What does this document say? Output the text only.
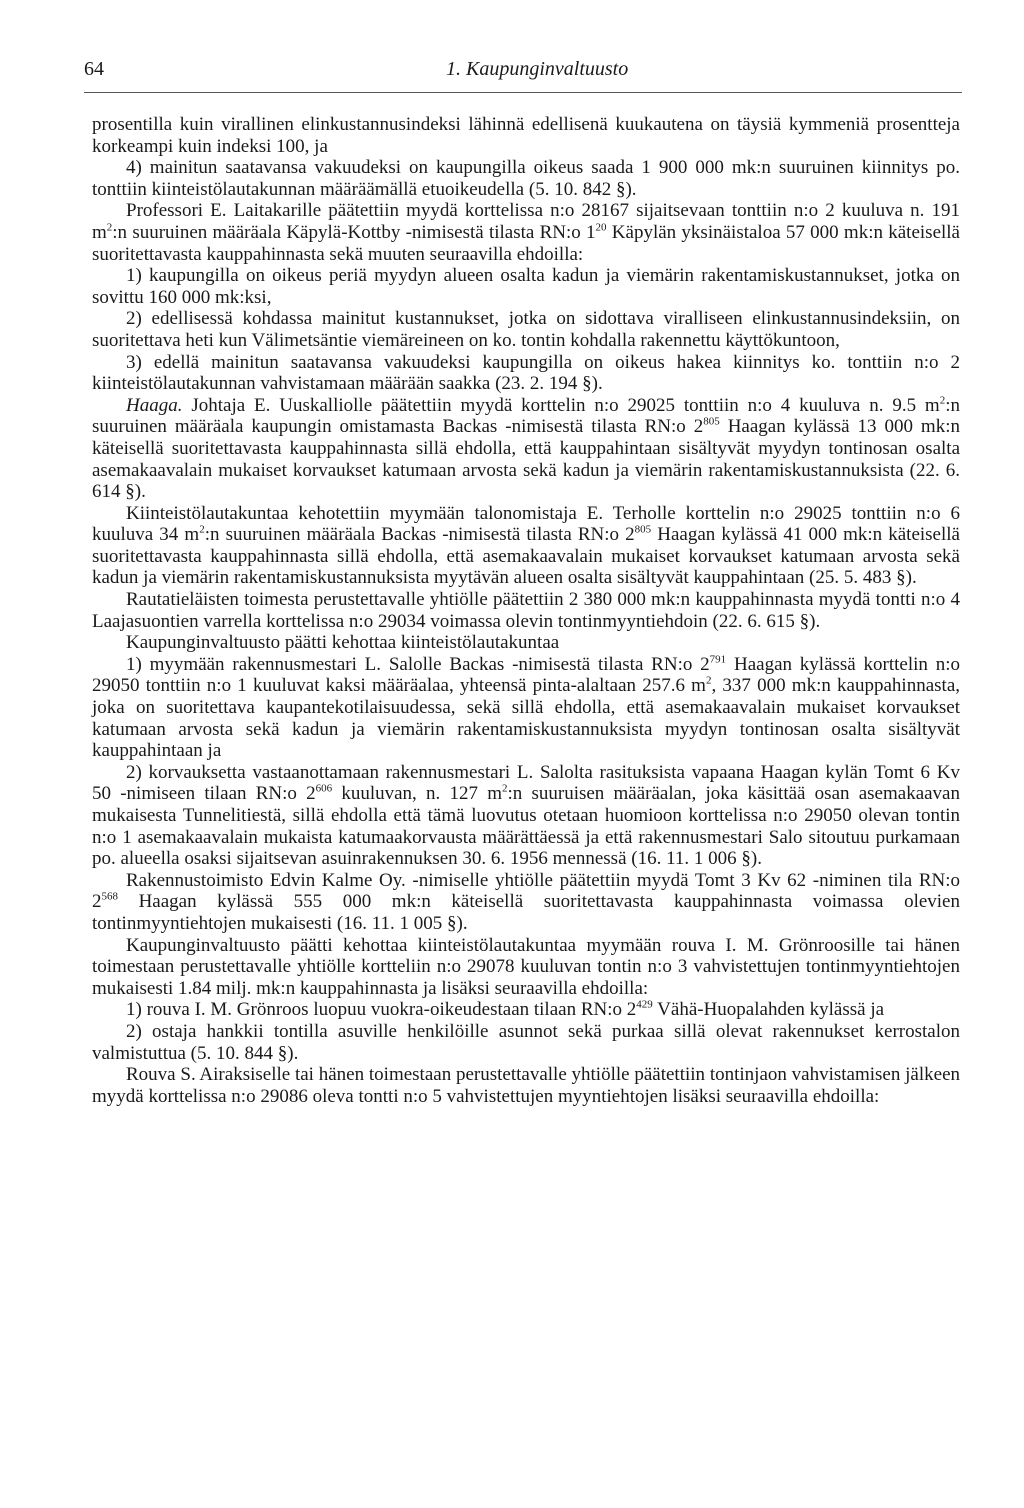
64	1. Kaupunginvaltuusto

prosentilla kuin virallinen elinkustannusindeksi lähinnä edellisenä kuukautena on täysiä kymmeniä prosentteja korkeampi kuin indeksi 100, ja

4) mainitun saatavansa vakuudeksi on kaupungilla oikeus saada 1 900 000 mk:n suuruinen kiinnitys po. tonttiin kiinteistölautakunnan määräämällä etuoikeudella (5. 10. 842 §).

Professori E. Laitakarille päätettiin myydä korttelissa n:o 28167 sijaitsevaan tonttiin n:o 2 kuuluva n. 191 $m^2:n$ suuruinen määräala Käpylä-Kottby -nimisestä tilasta RN:o $1^{20}$ Käpylän yksinäistaloa 57 000 mk:n käteisellä suoritettavasta kauppahinnasta sekä muuten seuraavilla ehdoilla:

1) kaupungilla on oikeus periä myydyn alueen osalta kadun ja viemärin rakentamiskustannukset, jotka on sovittu 160 000 mk:ksi,

2) edellisessä kohdassa mainitut kustannukset, jotka on sidottava viralliseen elinkustannusindeksiin, on suoritettava heti kun Välimetsäntie viemäreineen on ko. tontin kohdalla rakennettu käyttökuntoon,

3) edellä mainitun saatavansa vakuudeksi kaupungilla on oikeus hakea kiinnitys ko. tonttiin n:o 2 kiinteistölautakunnan vahvistamaan määrään saakka (23. 2. 194 §).

Haaga. Johtaja E. Uuskalliolle päätettiin myydä korttelin n:o 29025 tonttiin n:o 4 kuuluva n. 9.5 $m^2:n$ suuruinen määräala kaupungin omistamasta Backas -nimisestä tilasta RN:o $2^{805}$ Haagan kylässä 13 000 mk:n käteisellä suoritettavasta kauppahinnasta sillä ehdolla, että kauppahintaan sisältyvät myydyn tontinosan osalta asemakaavalain mukaiset korvaukset katumaan arvosta sekä kadun ja viemärin rakentamiskustannuksista (22. 6. 614 §).

Kiinteistölautakuntaa kehotettiin myymään talonomistaja E. Terholle korttelin n:o 29025 tonttiin n:o 6 kuuluva 34 $m^2:n$ suuruinen määräala Backas -nimisestä tilasta RN:o $2^{805}$ Haagan kylässä 41 000 mk:n käteisellä suoritettavasta kauppahinnasta sillä ehdolla, että asemakaavalain mukaiset korvaukset katumaan arvosta sekä kadun ja viemärin rakentamiskustannuksista myytävän alueen osalta sisältyvät kauppahintaan (25. 5. 483 §).

Rautatieläisten toimesta perustettavalle yhtiölle päätettiin 2 380 000 mk:n kauppahinnasta myydä tontti n:o 4 Laajasuontien varrella korttelissa n:o 29034 voimassa olevin tontinmyyntiehdoin (22. 6. 615 §).

Kaupunginvaltuusto päätti kehottaa kiinteistölautakuntaa

1) myymään rakennusmestari L. Salolle Backas -nimisestä tilasta RN:o $2^{791}$ Haagan kylässä korttelin n:o 29050 tonttiin n:o 1 kuuluvat kaksi määräalaa, yhteensä pinta-alaltaan 257.6 $m^2$, 337 000 mk:n kauppahinnasta, joka on suoritettava kaupantekotilaisuudessa, sekä sillä ehdolla, että asemakaavalain mukaiset korvaukset katumaan arvosta sekä kadun ja viemärin rakentamiskustannuksista myydyn tontinosan osalta sisältyvät kauppahintaan ja

2) korvauksetta vastaanottamaan rakennusmestari L. Salolta rasituksista vapaana Haagan kylän Tomt 6 Kv 50 -nimiseen tilaan RN:o $2^{606}$ kuuluvan, n. 127 $m^2:n$ suuruisen määräalan, joka käsittää osan asemakaavan mukaisesta Tunnelitiestä, sillä ehdolla että tämä luovutus otetaan huomioon korttelissa n:o 29050 olevan tontin n:o 1 asemakaavalain mukaista katumaakorvausta määrättäessä ja että rakennusmestari Salo sitoutuu purkamaan po. alueella osaksi sijaitsevan asuinrakennuksen 30. 6. 1956 mennessä (16. 11. 1 006 §).

Rakennustoimisto Edvin Kalme Oy. -nimiselle yhtiölle päätettiin myydä Tomt 3 Kv 62 -niminen tila RN:o $2^{568}$ Haagan kylässä 555 000 mk:n käteisellä suoritettavasta kauppahinnasta voimassa olevien tontinmyyntiehtojen mukaisesti (16. 11. 1 005 §).

Kaupunginvaltuusto päätti kehottaa kiinteistölautakuntaa myymään rouva I. M. Grönroosille tai hänen toimestaan perustettavalle yhtiölle kortteliin n:o 29078 kuuluvan tontin n:o 3 vahvistettujen tontinmyyntiehtojen mukaisesti 1.84 milj. mk:n kauppahinnasta ja lisäksi seuraavilla ehdoilla:

1) rouva I. M. Grönroos luopuu vuokra-oikeudestaan tilaan RN:o $2^{429}$ Vähä-Huopalahden kylässä ja

2) ostaja hankkii tontilla asuville henkilöille asunnot sekä purkaa sillä olevat rakennukset kerrostalon valmistuttua (5. 10. 844 §).

Rouva S. Airaksiselle tai hänen toimestaan perustettavalle yhtiölle päätettiin tontinjaon vahvistamisen jälkeen myydä korttelissa n:o 29086 oleva tontti n:o 5 vahvistettujen myyntiehtojen lisäksi seuraavilla ehdoilla:
